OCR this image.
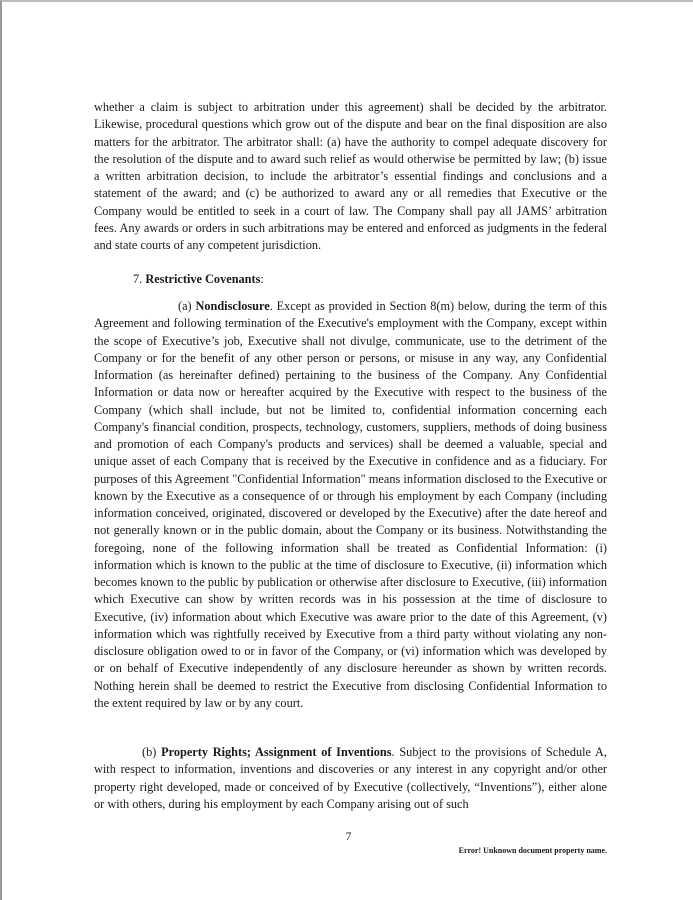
whether a claim is subject to arbitration under this agreement) shall be decided by the arbitrator. Likewise, procedural questions which grow out of the dispute and bear on the final disposition are also matters for the arbitrator. The arbitrator shall: (a) have the authority to compel adequate discovery for the resolution of the dispute and to award such relief as would otherwise be permitted by law; (b) issue a written arbitration decision, to include the arbitrator’s essential findings and conclusions and a statement of the award; and (c) be authorized to award any or all remedies that Executive or the Company would be entitled to seek in a court of law. The Company shall pay all JAMS’ arbitration fees. Any awards or orders in such arbitrations may be entered and enforced as judgments in the federal and state courts of any competent jurisdiction.

7. Restrictive Covenants:

(a) Nondisclosure. Except as provided in Section 8(m) below, during the term of this Agreement and following termination of the Executive's employment with the Company, except within the scope of Executive’s job, Executive shall not divulge, communicate, use to the detriment of the Company or for the benefit of any other person or persons, or misuse in any way, any Confidential Information (as hereinafter defined) pertaining to the business of the Company. Any Confidential Information or data now or hereafter acquired by the Executive with respect to the business of the Company (which shall include, but not be limited to, confidential information concerning each Company's financial condition, prospects, technology, customers, suppliers, methods of doing business and promotion of each Company's products and services) shall be deemed a valuable, special and unique asset of each Company that is received by the Executive in confidence and as a fiduciary. For purposes of this Agreement "Confidential Information" means information disclosed to the Executive or known by the Executive as a consequence of or through his employment by each Company (including information conceived, originated, discovered or developed by the Executive) after the date hereof and not generally known or in the public domain, about the Company or its business. Notwithstanding the foregoing, none of the following information shall be treated as Confidential Information: (i) information which is known to the public at the time of disclosure to Executive, (ii) information which becomes known to the public by publication or otherwise after disclosure to Executive, (iii) information which Executive can show by written records was in his possession at the time of disclosure to Executive, (iv) information about which Executive was aware prior to the date of this Agreement, (v) information which was rightfully received by Executive from a third party without violating any non-disclosure obligation owed to or in favor of the Company, or (vi) information which was developed by or on behalf of Executive independently of any disclosure hereunder as shown by written records. Nothing herein shall be deemed to restrict the Executive from disclosing Confidential Information to the extent required by law or by any court.

(b) Property Rights; Assignment of Inventions. Subject to the provisions of Schedule A, with respect to information, inventions and discoveries or any interest in any copyright and/or other property right developed, made or conceived of by Executive (collectively, “Inventions”), either alone or with others, during his employment by each Company arising out of such

7
Error! Unknown document property name.
